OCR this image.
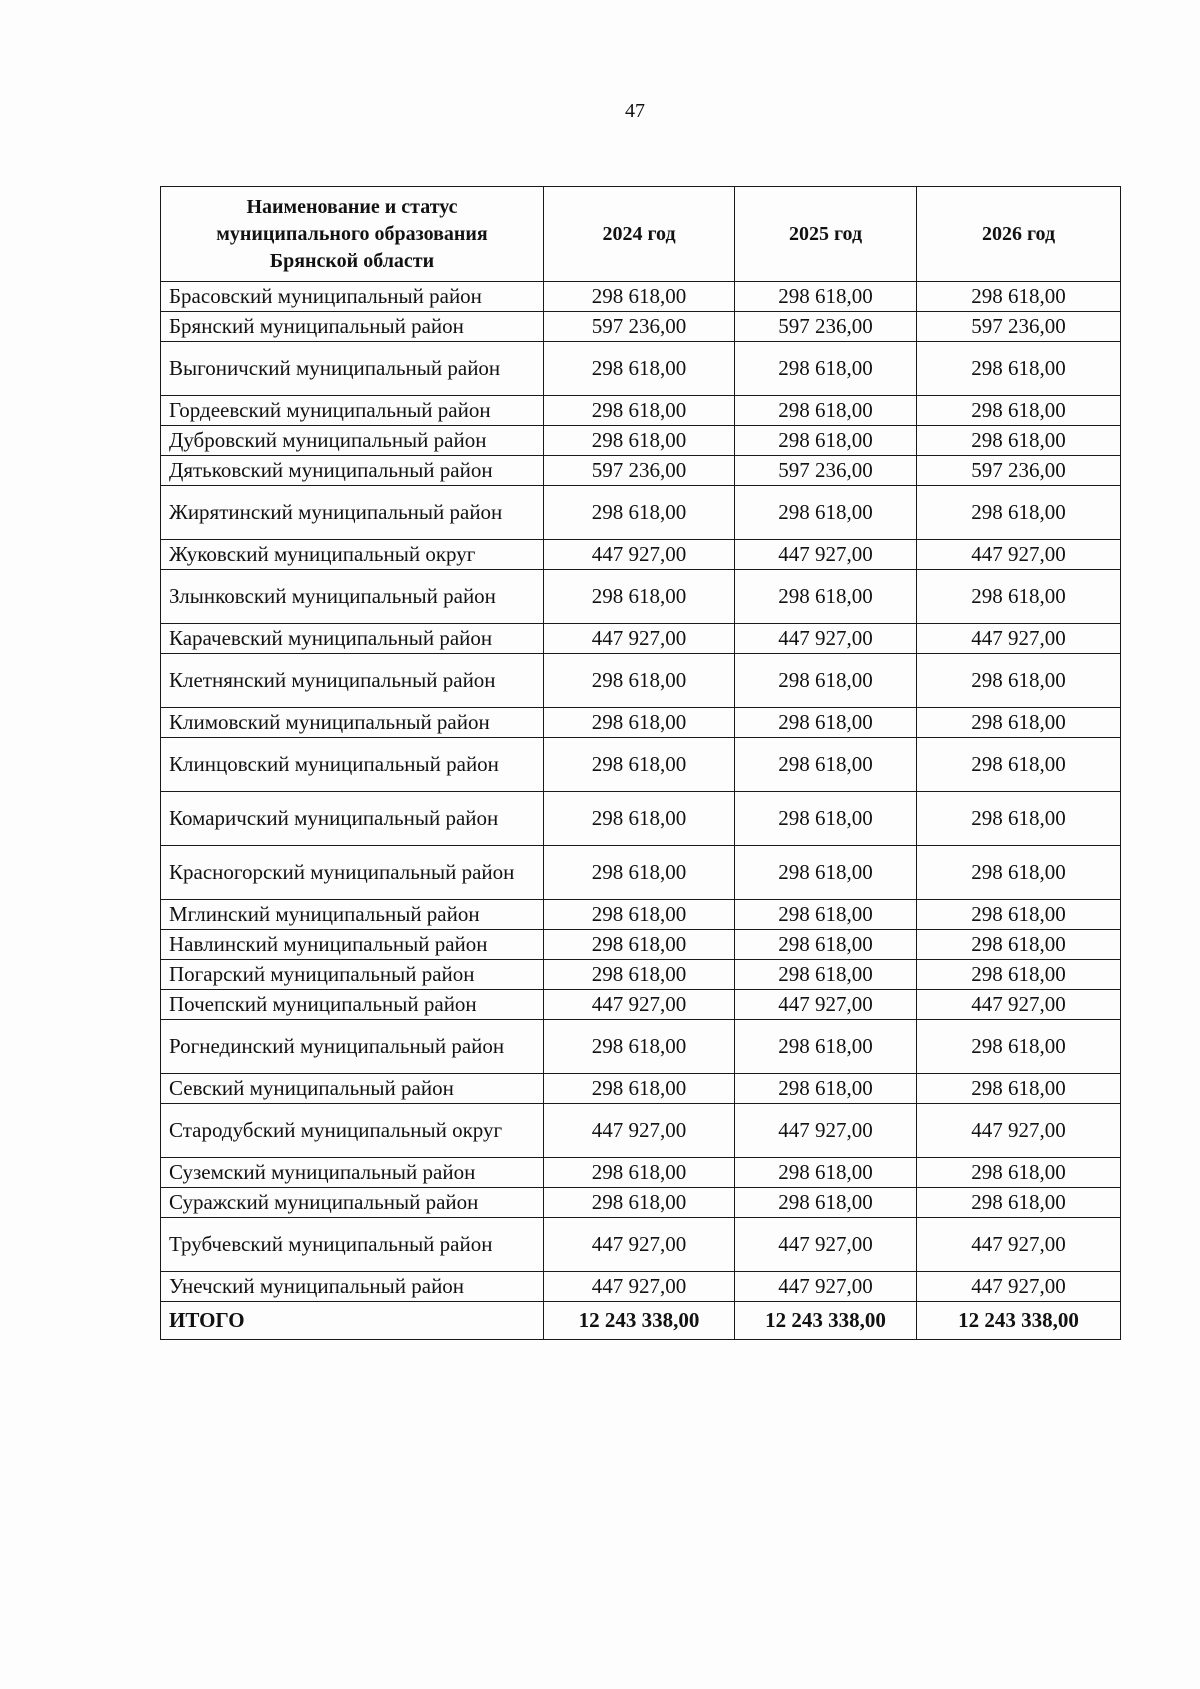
47
Наименование и статус муниципального образования Брянской области	2024 год	2025 год	2026 год
Брасовский муниципальный район	298 618,00	298 618,00	298 618,00
Брянский муниципальный район	597 236,00	597 236,00	597 236,00
Выгоничский муниципальный район	298 618,00	298 618,00	298 618,00
Гордеевский муниципальный район	298 618,00	298 618,00	298 618,00
Дубровский муниципальный район	298 618,00	298 618,00	298 618,00
Дятьковский муниципальный район	597 236,00	597 236,00	597 236,00
Жирятинский муниципальный район	298 618,00	298 618,00	298 618,00
Жуковский муниципальный округ	447 927,00	447 927,00	447 927,00
Злынковский муниципальный район	298 618,00	298 618,00	298 618,00
Карачевский муниципальный район	447 927,00	447 927,00	447 927,00
Клетнянский муниципальный район	298 618,00	298 618,00	298 618,00
Климовский муниципальный район	298 618,00	298 618,00	298 618,00
Клинцовский муниципальный район	298 618,00	298 618,00	298 618,00
Комаричский муниципальный район	298 618,00	298 618,00	298 618,00
Красногорский муниципальный район	298 618,00	298 618,00	298 618,00
Мглинский муниципальный район	298 618,00	298 618,00	298 618,00
Навлинский муниципальный район	298 618,00	298 618,00	298 618,00
Погарский муниципальный район	298 618,00	298 618,00	298 618,00
Почепский муниципальный район	447 927,00	447 927,00	447 927,00
Рогнединский муниципальный район	298 618,00	298 618,00	298 618,00
Севский муниципальный район	298 618,00	298 618,00	298 618,00
Стародубский муниципальный округ	447 927,00	447 927,00	447 927,00
Суземский муниципальный район	298 618,00	298 618,00	298 618,00
Суражский муниципальный район	298 618,00	298 618,00	298 618,00
Трубчевский муниципальный район	447 927,00	447 927,00	447 927,00
Унечский муниципальный район	447 927,00	447 927,00	447 927,00
ИТОГО	12 243 338,00	12 243 338,00	12 243 338,00
